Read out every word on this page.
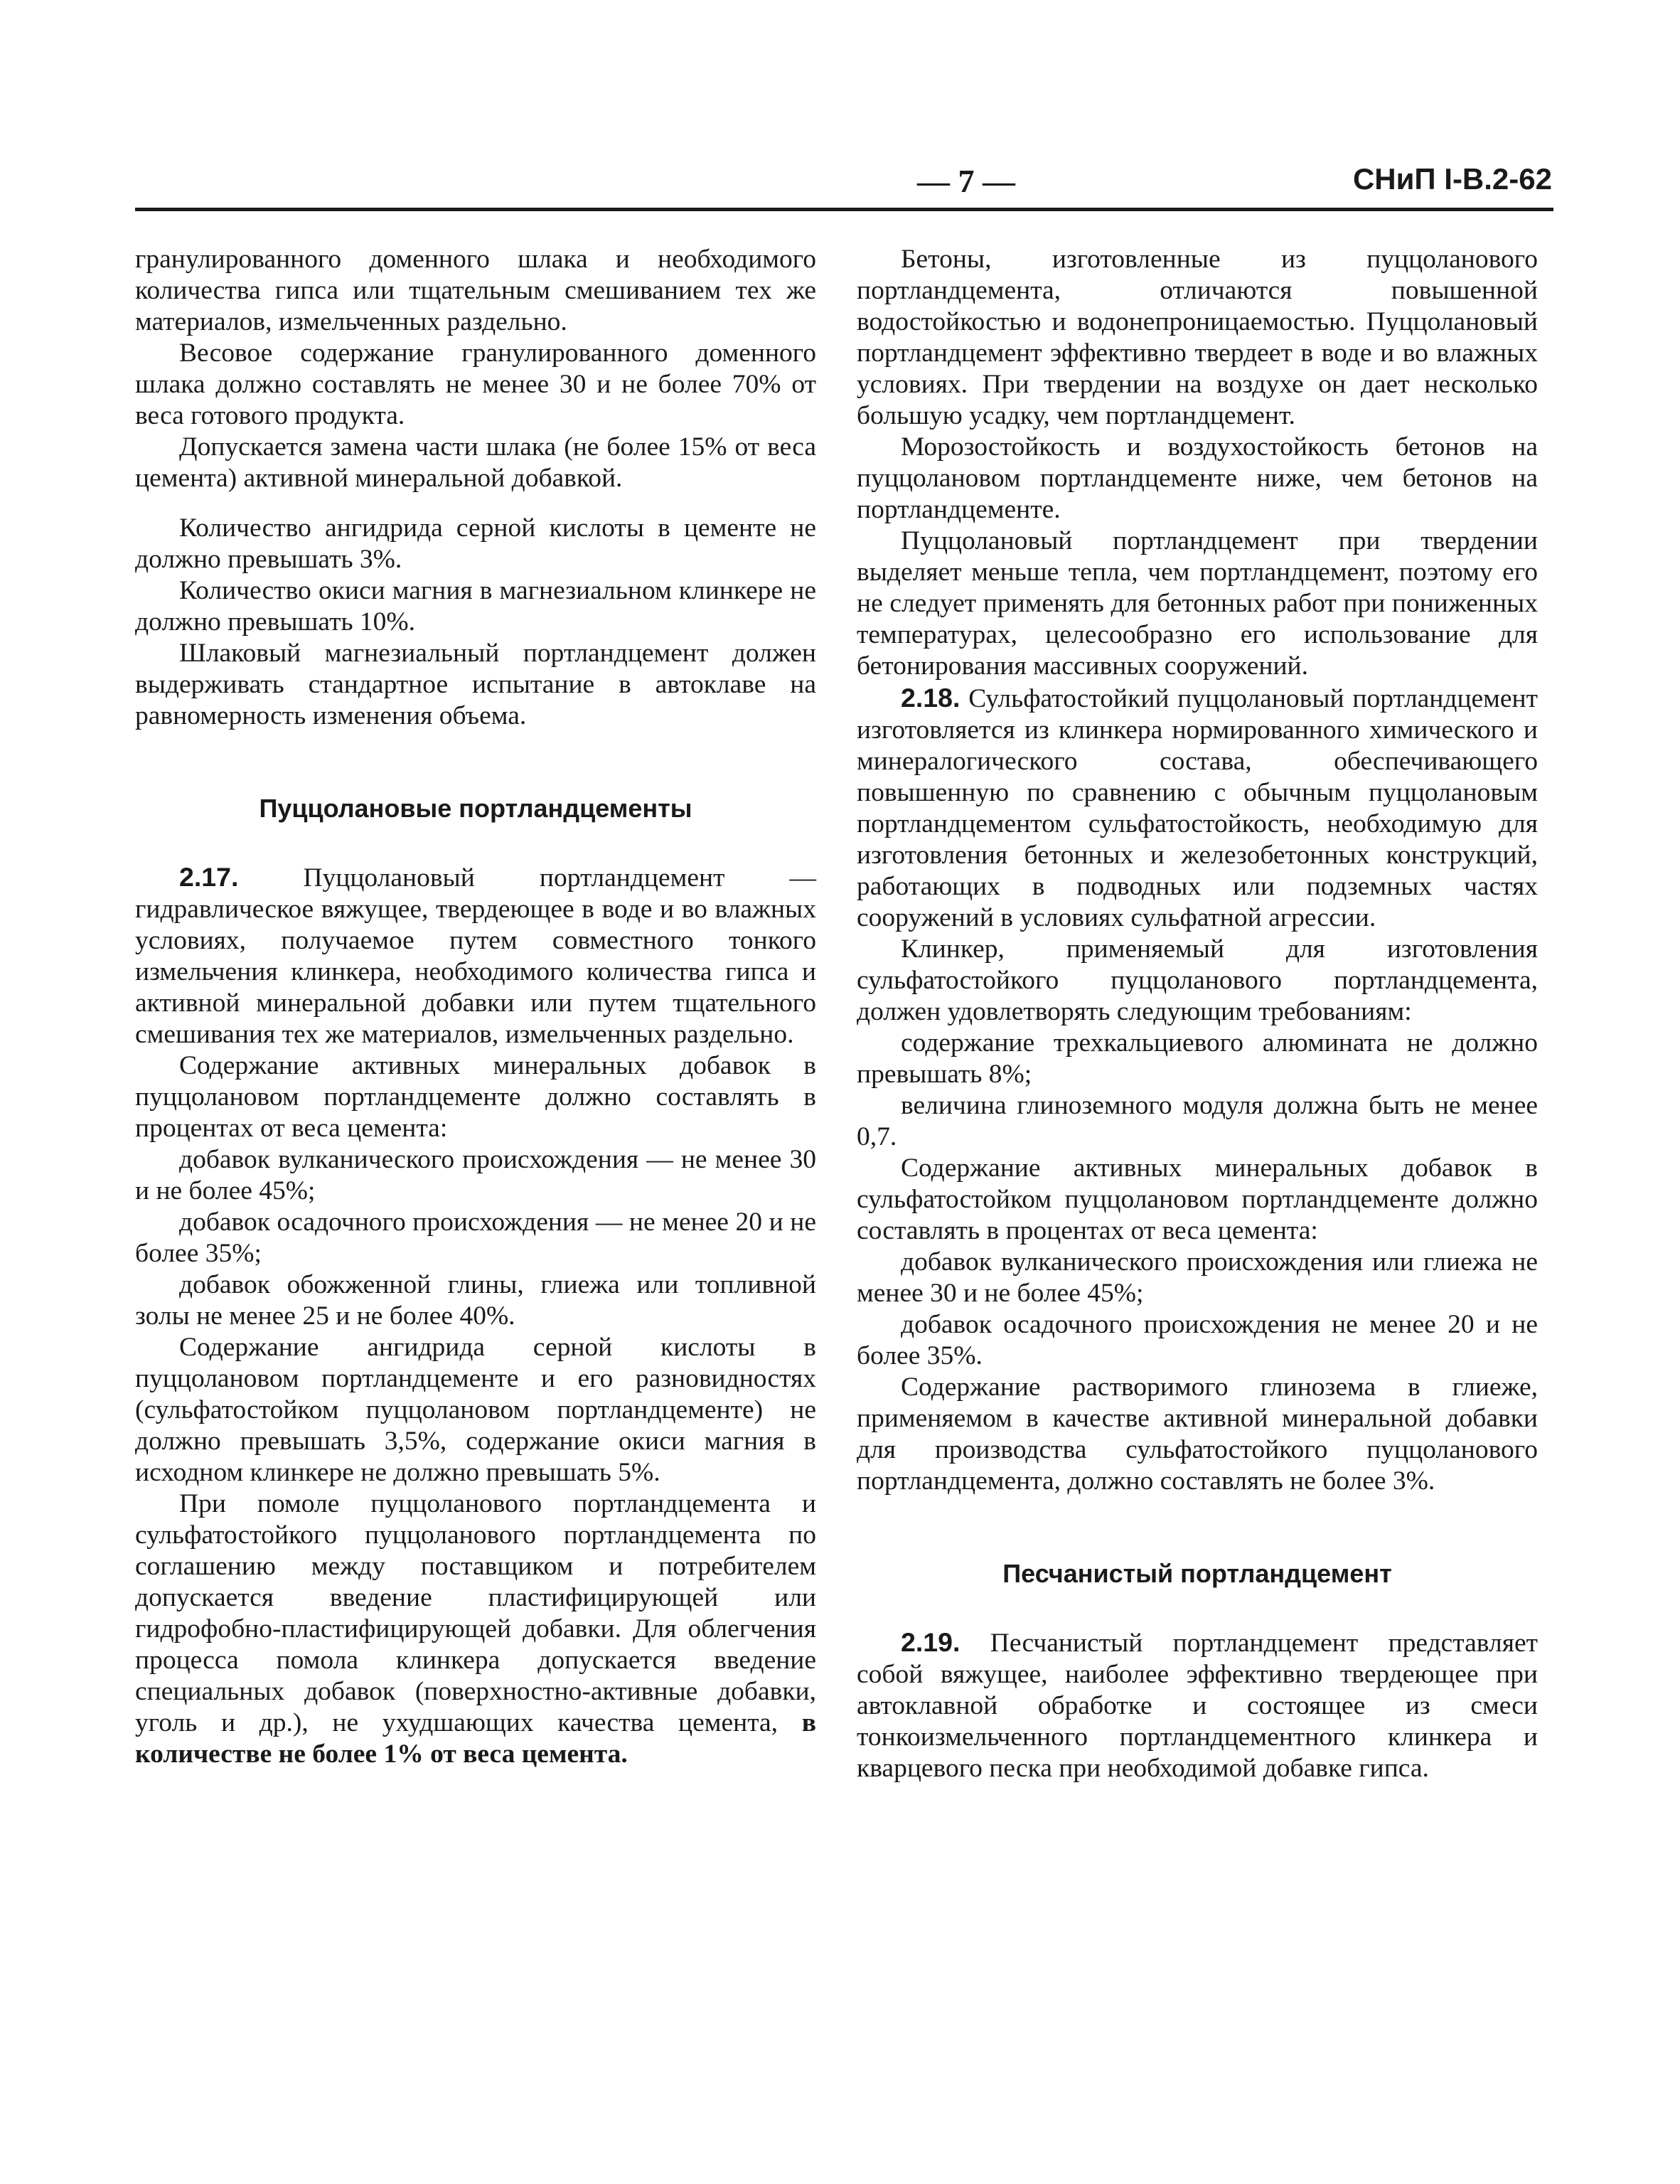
— 7 —	СНиП I-В.2-62

гранулированного доменного шлака и необходимого количества гипса или тщательным смешиванием тех же материалов, измельченных раздельно.

Весовое содержание гранулированного доменного шлака должно составлять не менее 30 и не более 70% от веса готового продукта.

Допускается замена части шлака (не более 15% от веса цемента) активной минеральной добавкой.

Количество ангидрида серной кислоты в цементе не должно превышать 3%.

Количество окиси магния в магнезиальном клинкере не должно превышать 10%.

Шлаковый магнезиальный портландцемент должен выдерживать стандартное испытание в автоклаве на равномерность изменения объема.

Пуццолановые портландцементы

2.17. Пуццолановый портландцемент — гидравлическое вяжущее, твердеющее в воде и во влажных условиях, получаемое путем совместного тонкого измельчения клинкера, необходимого количества гипса и активной минеральной добавки или путем тщательного смешивания тех же материалов, измельченных раздельно.

Содержание активных минеральных добавок в пуццолановом портландцементе должно составлять в процентах от веса цемента:

добавок вулканического происхождения — не менее 30 и не более 45%;

добавок осадочного происхождения — не менее 20 и не более 35%;

добавок обожженной глины, глиежа или топливной золы не менее 25 и не более 40%.

Содержание ангидрида серной кислоты в пуццолановом портландцементе и его разновидностях (сульфатостойком пуццолановом портландцементе) не должно превышать 3,5%, содержание окиси магния в исходном клинкере не должно превышать 5%.

При помоле пуццоланового портландцемента и сульфатостойкого пуццоланового портландцемента по соглашению между поставщиком и потребителем допускается введение пластифицирующей или гидрофобно-пластифицирующей добавки. Для облегчения процесса помола клинкера допускается введение специальных добавок (поверхностно-активные добавки, уголь и др.), не ухудшающих качества цемента, в количестве не более 1% от веса цемента.

Бетоны, изготовленные из пуццоланового портландцемента, отличаются повышенной водостойкостью и водонепроницаемостью. Пуццолановый портландцемент эффективно твердеет в воде и во влажных условиях. При твердении на воздухе он дает несколько большую усадку, чем портландцемент.

Морозостойкость и воздухостойкость бетонов на пуццолановом портландцементе ниже, чем бетонов на портландцементе.

Пуццолановый портландцемент при твердении выделяет меньше тепла, чем портландцемент, поэтому его не следует применять для бетонных работ при пониженных температурах, целесообразно его использование для бетонирования массивных сооружений.

2.18. Сульфатостойкий пуццолановый портландцемент изготовляется из клинкера нормированного химического и минералогического состава, обеспечивающего повышенную по сравнению с обычным пуццолановым портландцементом сульфатостойкость, необходимую для изготовления бетонных и железобетонных конструкций, работающих в подводных или подземных частях сооружений в условиях сульфатной агрессии.

Клинкер, применяемый для изготовления сульфатостойкого пуццоланового портландцемента, должен удовлетворять следующим требованиям:

содержание трехкальциевого алюмината не должно превышать 8%;

величина глиноземного модуля должна быть не менее 0,7.

Содержание активных минеральных добавок в сульфатостойком пуццолановом портландцементе должно составлять в процентах от веса цемента:

добавок вулканического происхождения или глиежа не менее 30 и не более 45%;

добавок осадочного происхождения не менее 20 и не более 35%.

Содержание растворимого глинозема в глиеже, применяемом в качестве активной минеральной добавки для производства сульфатостойкого пуццоланового портландцемента, должно составлять не более 3%.

Песчанистый портландцемент

2.19. Песчанистый портландцемент представляет собой вяжущее, наиболее эффективно твердеющее при автоклавной обработке и состоящее из смеси тонкоизмельченного портландцементного клинкера и кварцевого песка при необходимой добавке гипса.
